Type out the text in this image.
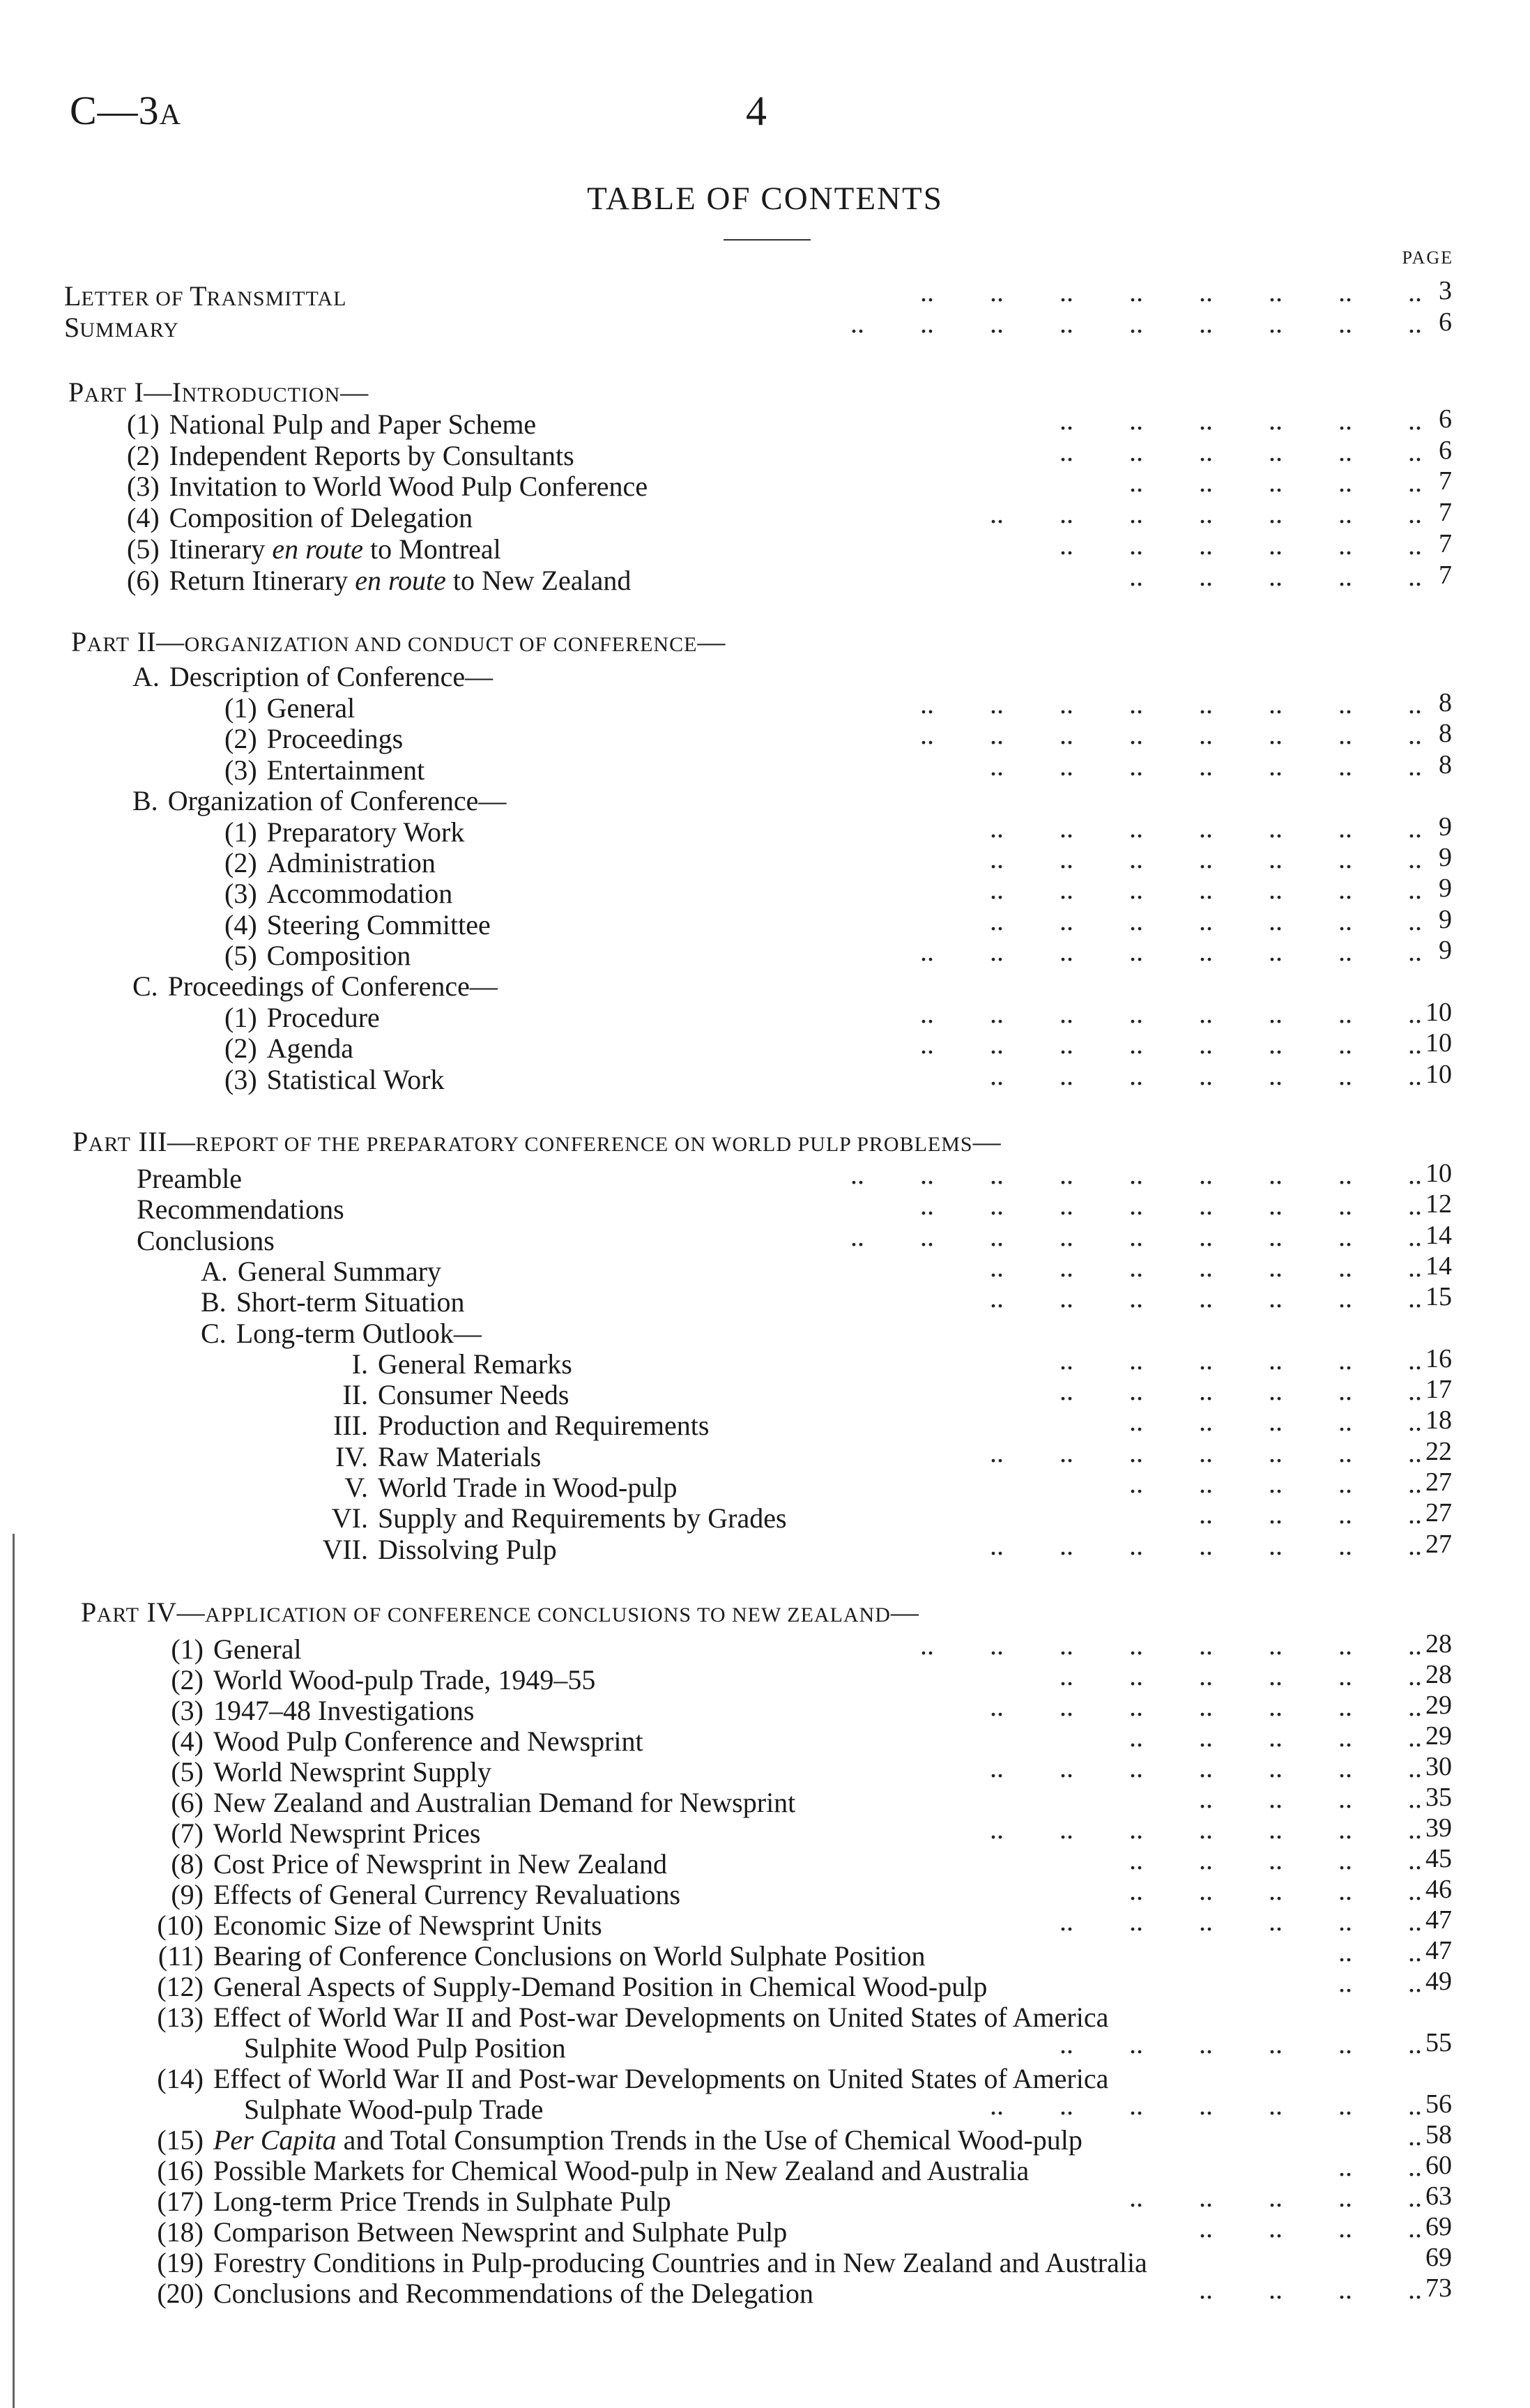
C—3A	4
TABLE OF CONTENTS
PAGE
LETTER OF TRANSMITTAL	..        ..        ..        ..        ..        ..        ..        .. 3
SUMMARY	..        ..        ..        ..        ..        ..        ..        ..        .. 6
PART I—INTRODUCTION—
(1) National Pulp and Paper Scheme	..        ..        ..        ..        ..        .. 6
(2) Independent Reports by Consultants	..        ..        ..        ..        ..        .. 6
(3) Invitation to World Wood Pulp Conference	..        ..        ..        ..        .. 7
(4) Composition of Delegation	..        ..        ..        ..        ..        ..        .. 7
(5) Itinerary en route to Montreal	..        ..        ..        ..        ..        .. 7
(6) Return Itinerary en route to New Zealand	..        ..        ..        ..        .. 7
PART II—ORGANIZATION AND CONDUCT OF CONFERENCE—
A. Description of Conference—
(1) General	..        ..        ..        ..        ..        ..        ..        .. 8
(2) Proceedings	..        ..        ..        ..        ..        ..        ..        .. 8
(3) Entertainment	..        ..        ..        ..        ..        ..        .. 8
B. Organization of Conference—
(1) Preparatory Work	..        ..        ..        ..        ..        ..        .. 9
(2) Administration	..        ..        ..        ..        ..        ..        .. 9
(3) Accommodation	..        ..        ..        ..        ..        ..        .. 9
(4) Steering Committee	..        ..        ..        ..        ..        ..        .. 9
(5) Composition	..        ..        ..        ..        ..        ..        ..        .. 9
C. Proceedings of Conference—
(1) Procedure	..        ..        ..        ..        ..        ..        ..        .. 10
(2) Agenda	..        ..        ..        ..        ..        ..        ..        .. 10
(3) Statistical Work	..        ..        ..        ..        ..        ..        .. 10
PART III—REPORT OF THE PREPARATORY CONFERENCE ON WORLD PULP PROBLEMS—
Preamble	..        ..        ..        ..        ..        ..        ..        ..        .. 10
Recommendations	..        ..        ..        ..        ..        ..        ..        .. 12
Conclusions	..        ..        ..        ..        ..        ..        ..        ..        .. 14
A. General Summary	..        ..        ..        ..        ..        ..        .. 14
B. Short-term Situation	..        ..        ..        ..        ..        ..        .. 15
C. Long-term Outlook—
I. General Remarks	..        ..        ..        ..        ..        .. 16
II. Consumer Needs	..        ..        ..        ..        ..        .. 17
III. Production and Requirements	..        ..        ..        ..        .. 18
IV. Raw Materials	..        ..        ..        ..        ..        ..        .. 22
V. World Trade in Wood-pulp	..        ..        ..        ..        .. 27
VI. Supply and Requirements by Grades	..        ..        ..        .. 27
VII. Dissolving Pulp	..        ..        ..        ..        ..        ..        .. 27
PART IV—APPLICATION OF CONFERENCE CONCLUSIONS TO NEW ZEALAND—
(1) General	..        ..        ..        ..        ..        ..        ..        .. 28
(2) World Wood-pulp Trade, 1949–55	..        ..        ..        ..        ..        .. 28
(3) 1947–48 Investigations	..        ..        ..        ..        ..        ..        .. 29
(4) Wood Pulp Conference and Newsprint	..        ..        ..        ..        .. 29
(5) World Newsprint Supply	..        ..        ..        ..        ..        ..        .. 30
(6) New Zealand and Australian Demand for Newsprint	..        ..        ..        .. 35
(7) World Newsprint Prices	..        ..        ..        ..        ..        ..        .. 39
(8) Cost Price of Newsprint in New Zealand	..        ..        ..        ..        .. 45
(9) Effects of General Currency Revaluations	..        ..        ..        ..        .. 46
(10) Economic Size of Newsprint Units	..        ..        ..        ..        ..        .. 47
(11) Bearing of Conference Conclusions on World Sulphate Position	..        .. 47
(12) General Aspects of Supply-Demand Position in Chemical Wood-pulp	..        .. 49
(13) Effect of World War II and Post-war Developments on United States of America
Sulphite Wood Pulp Position	..        ..        ..        ..        ..        .. 55
(14) Effect of World War II and Post-war Developments on United States of America
Sulphate Wood-pulp Trade	..        ..        ..        ..        ..        ..        .. 56
(15) Per Capita and Total Consumption Trends in the Use of Chemical Wood-pulp	.. 58
(16) Possible Markets for Chemical Wood-pulp in New Zealand and Australia	..        .. 60
(17) Long-term Price Trends in Sulphate Pulp	..        ..        ..        ..        .. 63
(18) Comparison Between Newsprint and Sulphate Pulp	..        ..        ..        .. 69
(19) Forestry Conditions in Pulp-producing Countries and in New Zealand and Australia	69
(20) Conclusions and Recommendations of the Delegation	..        ..        ..        .. 73
